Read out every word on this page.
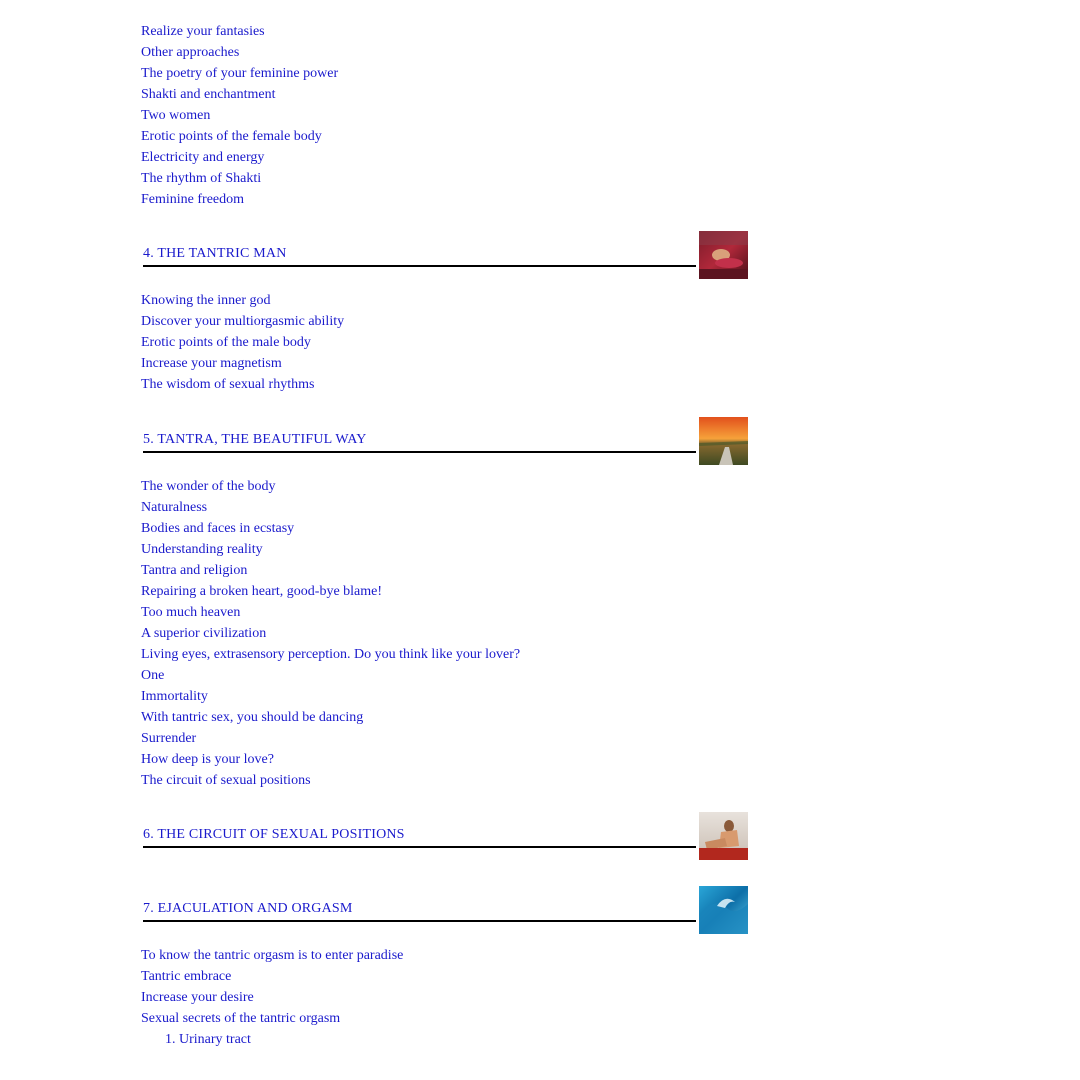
Realize your fantasies
Other approaches
The poetry of your feminine power
Shakti and enchantment
Two women
Erotic points of the female body
Electricity and energy
The rhythm of Shakti
Feminine freedom
4. THE TANTRIC MAN
Knowing the inner god
Discover your multiorgasmic ability
Erotic points of the male body
Increase your magnetism
The wisdom of sexual rhythms
5. TANTRA, THE BEAUTIFUL WAY
The wonder of the body
Naturalness
Bodies and faces in ecstasy
Understanding reality
Tantra and religion
Repairing a broken heart, good-bye blame!
Too much heaven
A superior civilization
Living eyes, extrasensory perception. Do you think like your lover?
One
Immortality
With tantric sex, you should be dancing
Surrender
How deep is your love?
The circuit of sexual positions
6. THE CIRCUIT OF SEXUAL POSITIONS
7. EJACULATION AND ORGASM
To know the tantric orgasm is to enter paradise
Tantric embrace
Increase your desire
Sexual secrets of the tantric orgasm
1. Urinary tract
